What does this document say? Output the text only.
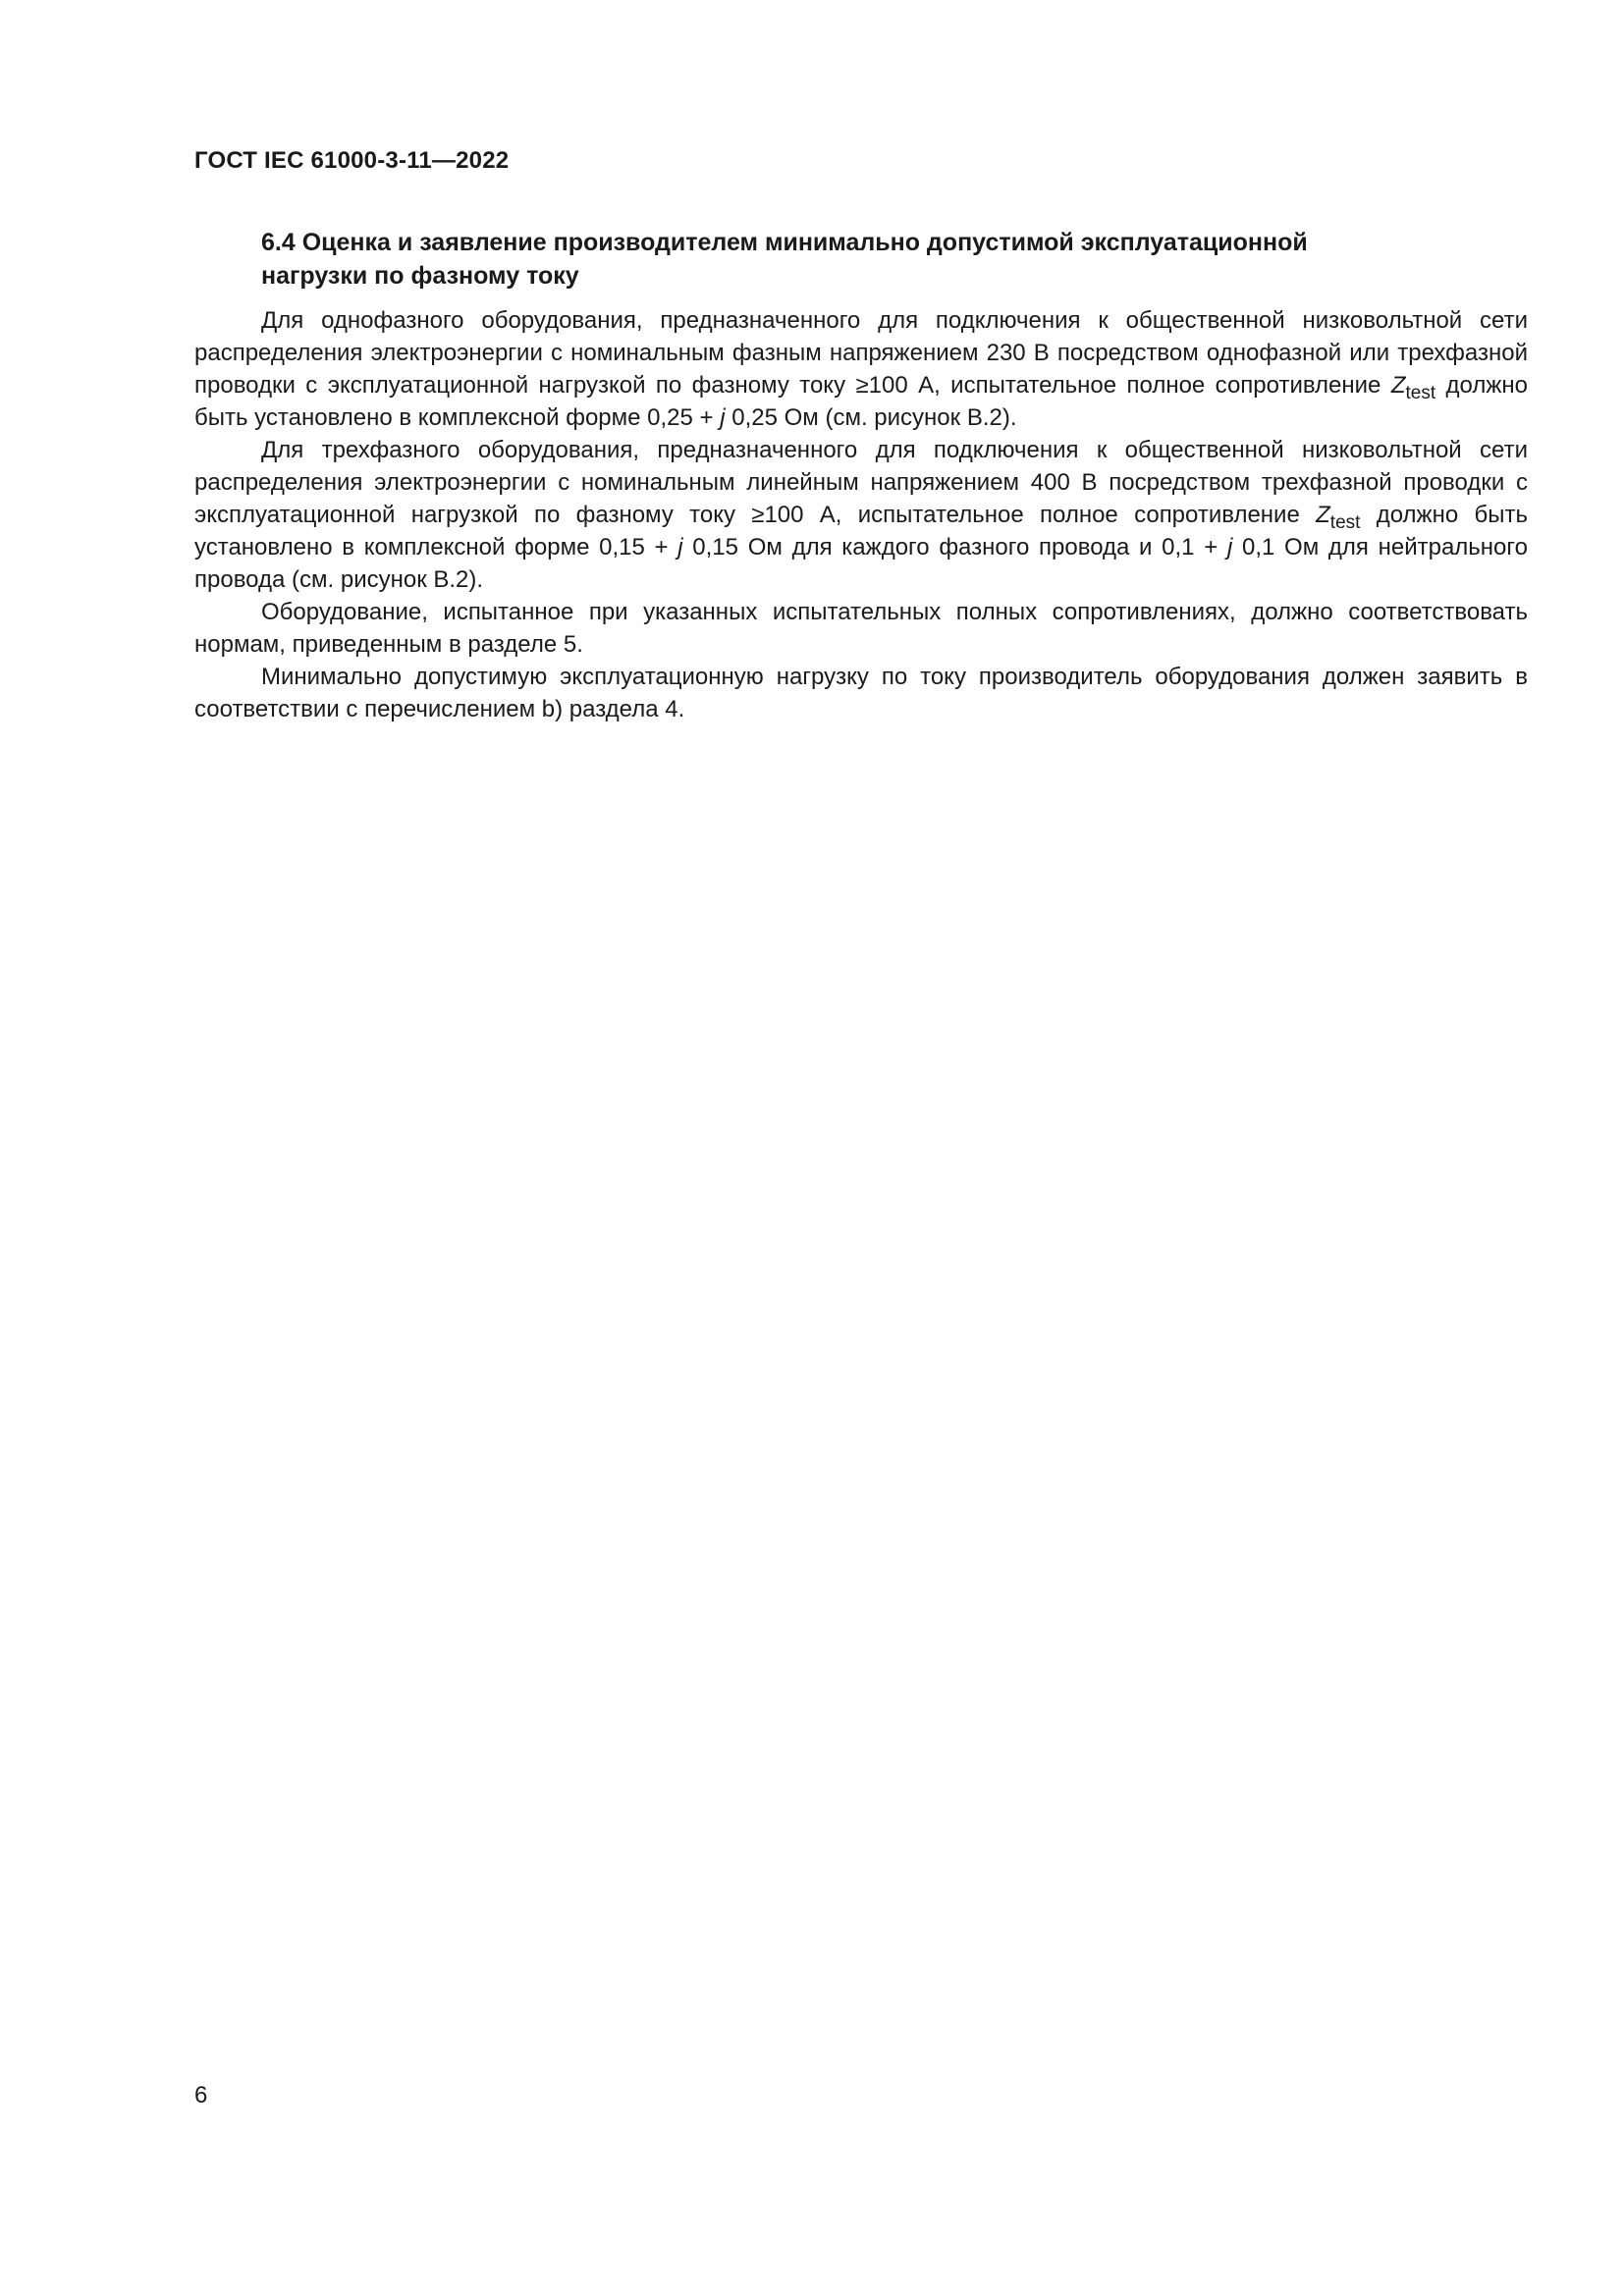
ГОСТ IEC 61000-3-11—2022
6.4 Оценка и заявление производителем минимально допустимой эксплуатационной
нагрузки по фазному току

Для однофазного оборудования, предназначенного для подключения к общественной низковольтной сети распределения электроэнергии с номинальным фазным напряжением 230 В посредством однофазной или трехфазной проводки с эксплуатационной нагрузкой по фазному току ≥100 А, испытательное полное сопротивление $Z_{test}$ должно быть установлено в комплексной форме 0,25 + j 0,25 Ом (см. рисунок В.2).

Для трехфазного оборудования, предназначенного для подключения к общественной низковольтной сети распределения электроэнергии с номинальным линейным напряжением 400 В посредством трехфазной проводки с эксплуатационной нагрузкой по фазному току ≥100 А, испытательное полное сопротивление $Z_{test}$ должно быть установлено в комплексной форме 0,15 + j 0,15 Ом для каждого фазного провода и 0,1 + j 0,1 Ом для нейтрального провода (см. рисунок В.2).

Оборудование, испытанное при указанных испытательных полных сопротивлениях, должно соответствовать нормам, приведенным в разделе 5.

Минимально допустимую эксплуатационную нагрузку по току производитель оборудования должен заявить в соответствии с перечислением b) раздела 4.

6
